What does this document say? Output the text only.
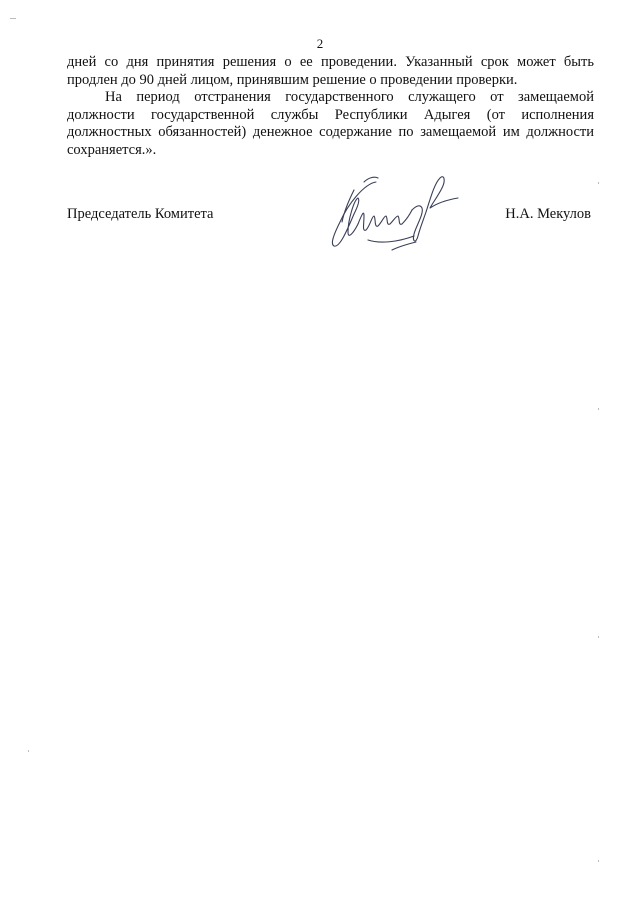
2

дней со дня принятия решения о ее проведении. Указанный срок может быть
продлен до 90 дней лицом, принявшим решение о проведении проверки.

На период отстранения государственного служащего от замещаемой
должности государственной службы Республики Адыгея (от исполнения
должностных обязанностей) денежное содержание по замещаемой им должности
сохраняется.».

Председатель Комитета	Н.А. Мекулов
